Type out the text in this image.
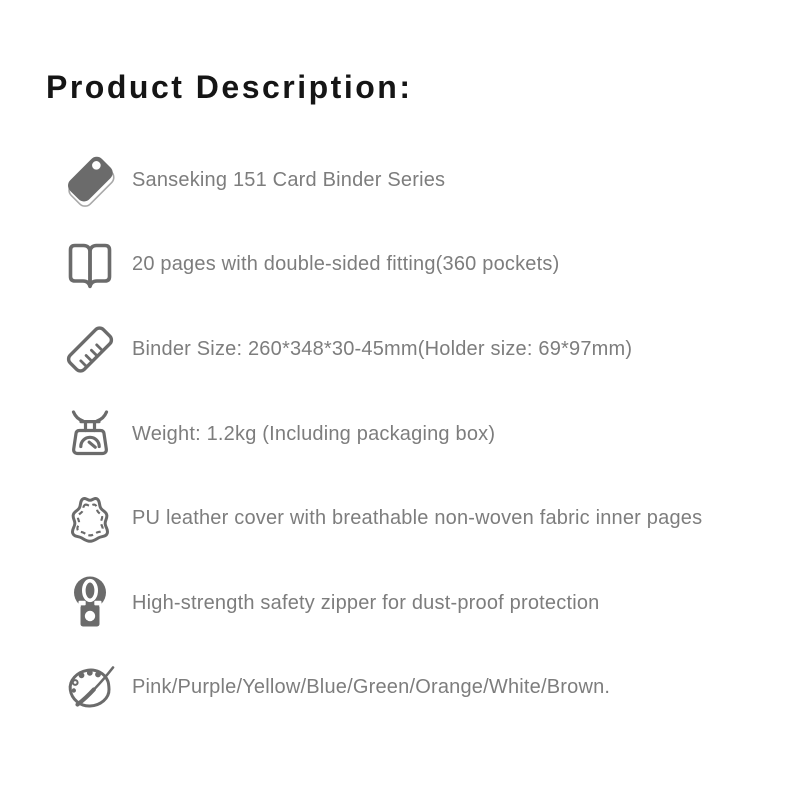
Product Description:
Sanseking 151 Card Binder Series
20 pages with double-sided fitting(360 pockets)
Binder Size: 260*348*30-45mm(Holder size: 69*97mm)
Weight: 1.2kg (Including packaging box)
PU leather cover with breathable non-woven fabric inner pages
High-strength safety zipper for dust-proof protection
Pink/Purple/Yellow/Blue/Green/Orange/White/Brown.
